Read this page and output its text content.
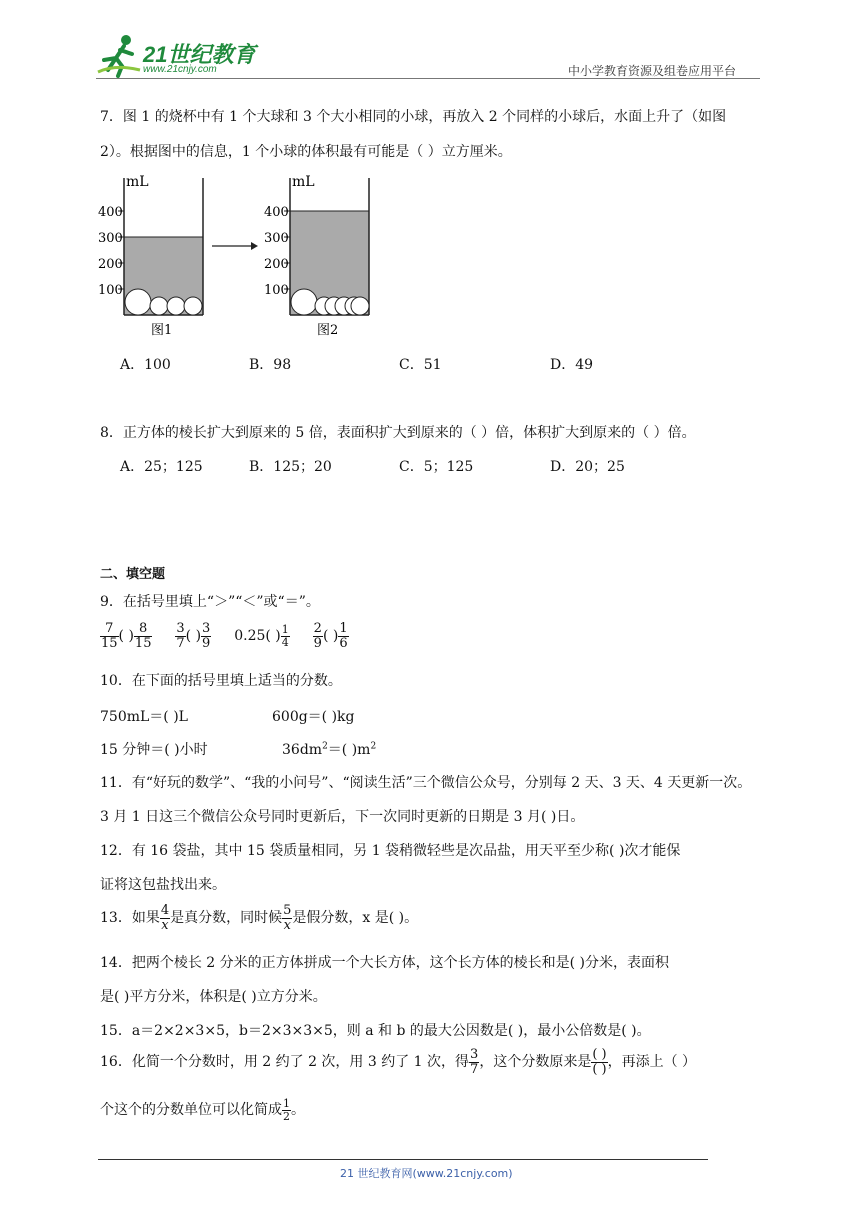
21世纪教育
www.21cnjy.com	中小学教育资源及组卷应用平台
7．图 1 的烧杯中有 1 个大球和 3 个大小相同的小球，再放入 2 个同样的小球后，水面上升了（如图
2）。根据图中的信息，1 个小球的体积最有可能是（ ）立方厘米。
mL
400
300
200
100
mL
400
300
200
100
图1	图2
A．100	B．98	C．51	D．49
8．正方体的棱长扩大到原来的 5 倍，表面积扩大到原来的（ ）倍，体积扩大到原来的（ ）倍。
A．25；125	B．125；20	C．5；125	D．20；25
二、填空题
9．在括号里填上“＞”“＜”或“＝”。
$\frac{7}{15}$ ( ) $\frac{8}{15}$
$\frac{3}{7}$ ( ) $\frac{3}{9} 0.25$( ) $\frac{1}{4}$
$\frac{2}{9}$ ( ) $\frac{1}{6}$
10．在下面的括号里填上适当的分数。
750mL＝( )L	600g＝( )kg
15 分钟＝( )小时	$36dm^2=$( )$m^2$
11．有“好玩的数学”、“我的小问号”、“阅读生活”三个微信公众号，分别每 2 天、3 天、4 天更新一次。
3 月 1 日这三个微信公众号同时更新后，下一次同时更新的日期是 3 月( )日。
12．有 16 袋盐，其中 15 袋质量相同，另 1 袋稍微轻些是次品盐，用天平至少称( )次才能保
证将这包盐找出来。
13．如果 $\frac{4}{x}$ 是真分数，同时候 $\frac{5}{x}$ 是假分数，x 是( )。
14．把两个棱长 2 分米的正方体拼成一个大长方体，这个长方体的棱长和是( )分米，表面积
是( )平方分米，体积是( )立方分米。
15．a＝2×2×3×5，b＝2×3×3×5，则 a 和 b 的最大公因数是( )，最小公倍数是( )。
16．化简一个分数时，用 2 约了 2 次，用 3 约了 1 次，得 $\frac{3}{7}$ ，这个分数原来是 $\frac{( )}{( )}$ ，再添上（ ）
个这个的分数单位可以化简成 $\frac{1}{2}$ 。
21 世纪教育网(www.21cnjy.com)
